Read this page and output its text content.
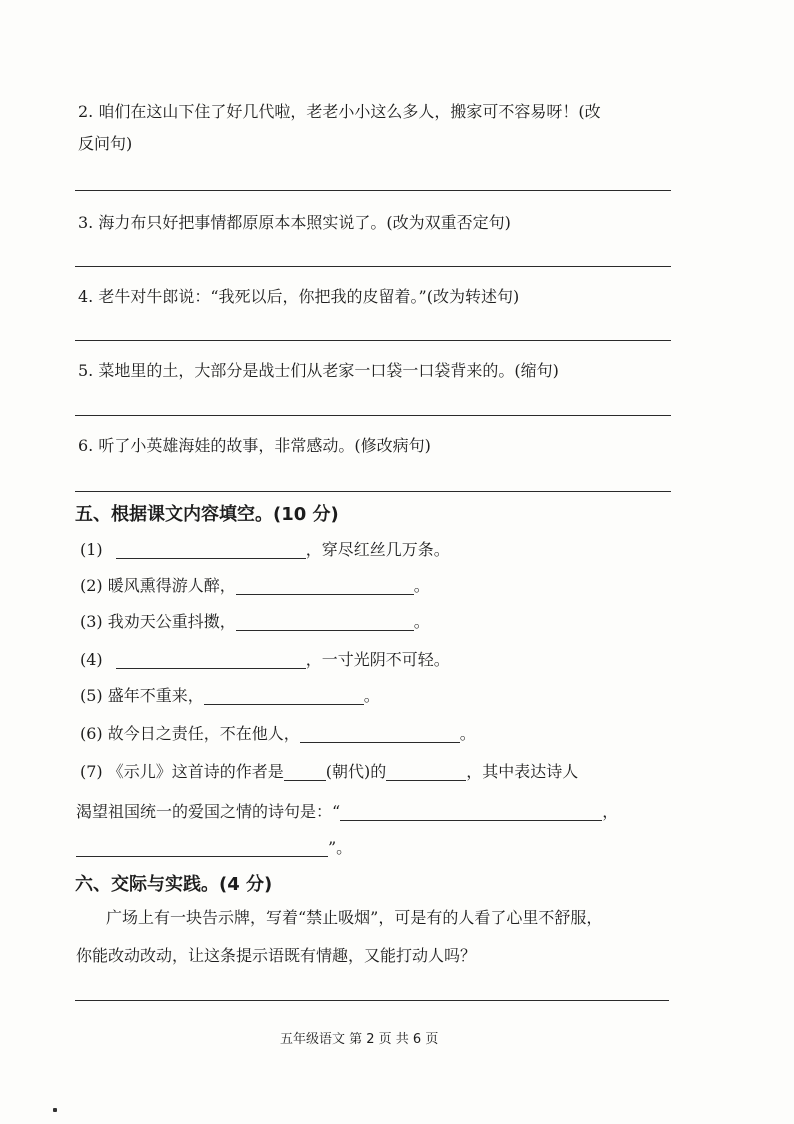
2. 咱们在这山下住了好几代啦，老老小小这么多人，搬家可不容易呀！(改
反问句)
3. 海力布只好把事情都原原本本照实说了。(改为双重否定句)
4. 老牛对牛郎说：“我死以后，你把我的皮留着。”(改为转述句)
5. 菜地里的土，大部分是战士们从老家一口袋一口袋背来的。(缩句)
6. 听了小英雄海娃的故事，非常感动。(修改病句)
五、根据课文内容填空。(10 分)
(1)	，穿尽红丝几万条。
(2) 暖风熏得游人醉，	。
(3) 我劝天公重抖擞，	。
(4)	，一寸光阴不可轻。
(5) 盛年不重来，	。
(6) 故今日之责任，不在他人，	。
(7) 《示儿》这首诗的作者是	(朝代)的	，其中表达诗人
渴望祖国统一的爱国之情的诗句是：“	，
”。
六、交际与实践。(4 分)
广场上有一块告示牌，写着“禁止吸烟”，可是有的人看了心里不舒服，
你能改动改动，让这条提示语既有情趣，又能打动人吗？
五年级语文 第 2 页 共 6 页
